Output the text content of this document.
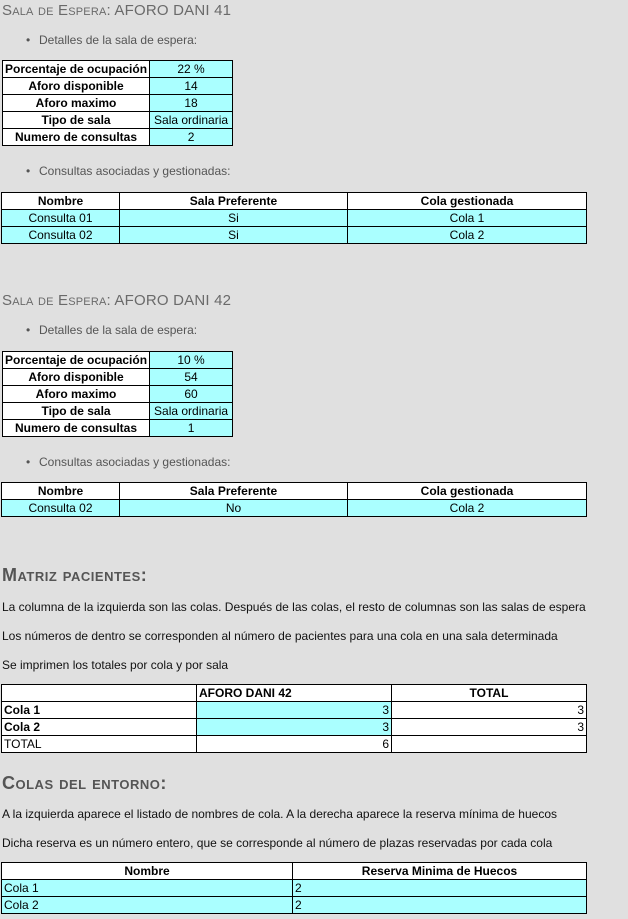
Sala de Espera: AFORO DANI 41

• Detalles de la sala de espera:

Porcentaje de ocupación	22 %
Aforo disponible	14
Aforo maximo	18
Tipo de sala	Sala ordinaria
Numero de consultas	2

• Consultas asociadas y gestionadas:

Nombre	Sala Preferente	Cola gestionada
Consulta 01	Si	Cola 1
Consulta 02	Si	Cola 2
Sala de Espera: AFORO DANI 42

• Detalles de la sala de espera:

Porcentaje de ocupación	10 %
Aforo disponible	54
Aforo maximo	60
Tipo de sala	Sala ordinaria
Numero de consultas	1

• Consultas asociadas y gestionadas:

Nombre	Sala Preferente	Cola gestionada
Consulta 02	No	Cola 2
Matriz pacientes:

La columna de la izquierda son las colas. Después de las colas, el resto de columnas son las salas de espera

Los números de dentro se corresponden al número de pacientes para una cola en una sala determinada

Se imprimen los totales por cola y por sala

	AFORO DANI 42	TOTAL
Cola 1	3	3
Cola 2	3	3
TOTAL	6	
Colas del entorno:

A la izquierda aparece el listado de nombres de cola. A la derecha aparece la reserva mínima de huecos

Dicha reserva es un número entero, que se corresponde al número de plazas reservadas por cada cola

Nombre	Reserva Minima de Huecos
Cola 1	2
Cola 2	2
